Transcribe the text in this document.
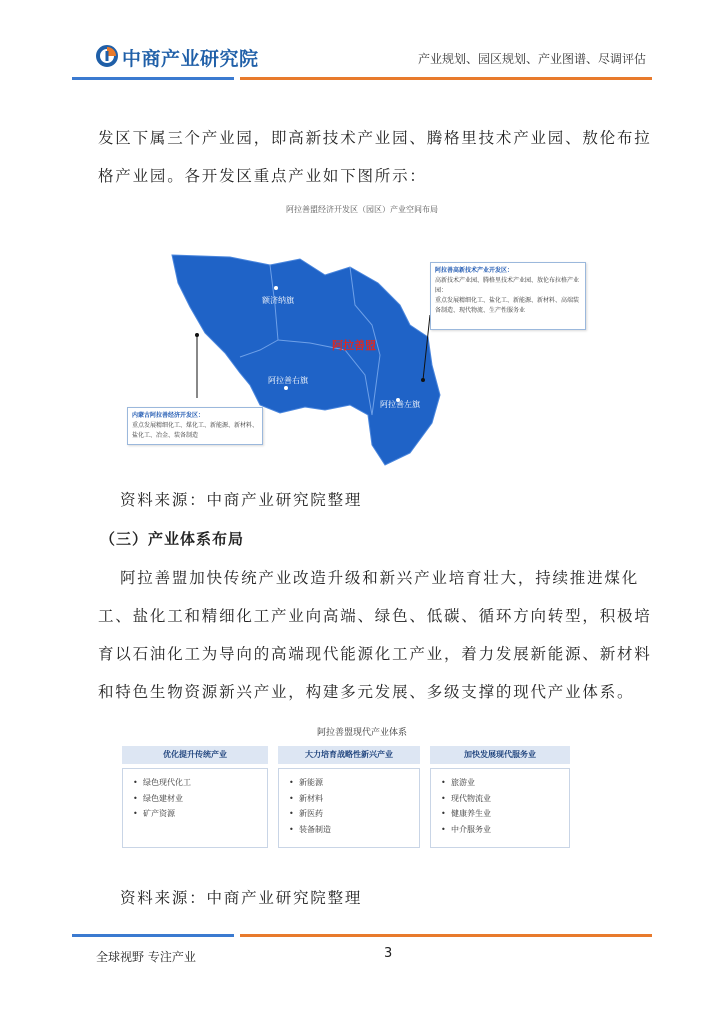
中商产业研究院	产业规划、园区规划、产业图谱、尽调评估
发区下属三个产业园，即高新技术产业园、腾格里技术产业园、敖伦布拉
格产业园。各开发区重点产业如下图所示：
阿拉善盟经济开发区（园区）产业空间布局
额济纳旗
阿拉善右旗
阿拉善左旗
阿拉善盟
阿拉善高新技术产业开发区：
高新技术产业园、腾格里技术产业园、敖伦布拉格产业园：
重点发展精细化工、盐化工、新能源、新材料、高端装备制造、现代物流、生产性服务业
内蒙古阿拉善经济开发区：
重点发展精细化工、煤化工、新能源、新材料、盐化工、冶金、装备制造
资料来源：中商产业研究院整理
（三）产业体系布局
阿拉善盟加快传统产业改造升级和新兴产业培育壮大，持续推进煤化
工、盐化工和精细化工产业向高端、绿色、低碳、循环方向转型，积极培
育以石油化工为导向的高端现代能源化工产业，着力发展新能源、新材料
和特色生物资源新兴产业，构建多元发展、多级支撑的现代产业体系。
阿拉善盟现代产业体系
优化提升传统产业	大力培育战略性新兴产业	加快发展现代服务业
• 绿色现代化工
• 绿色建材业
• 矿产资源
• 新能源
• 新材料
• 新医药
• 装备制造
• 旅游业
• 现代物流业
• 健康养生业
• 中介服务业
资料来源：中商产业研究院整理
全球视野 专注产业	3
